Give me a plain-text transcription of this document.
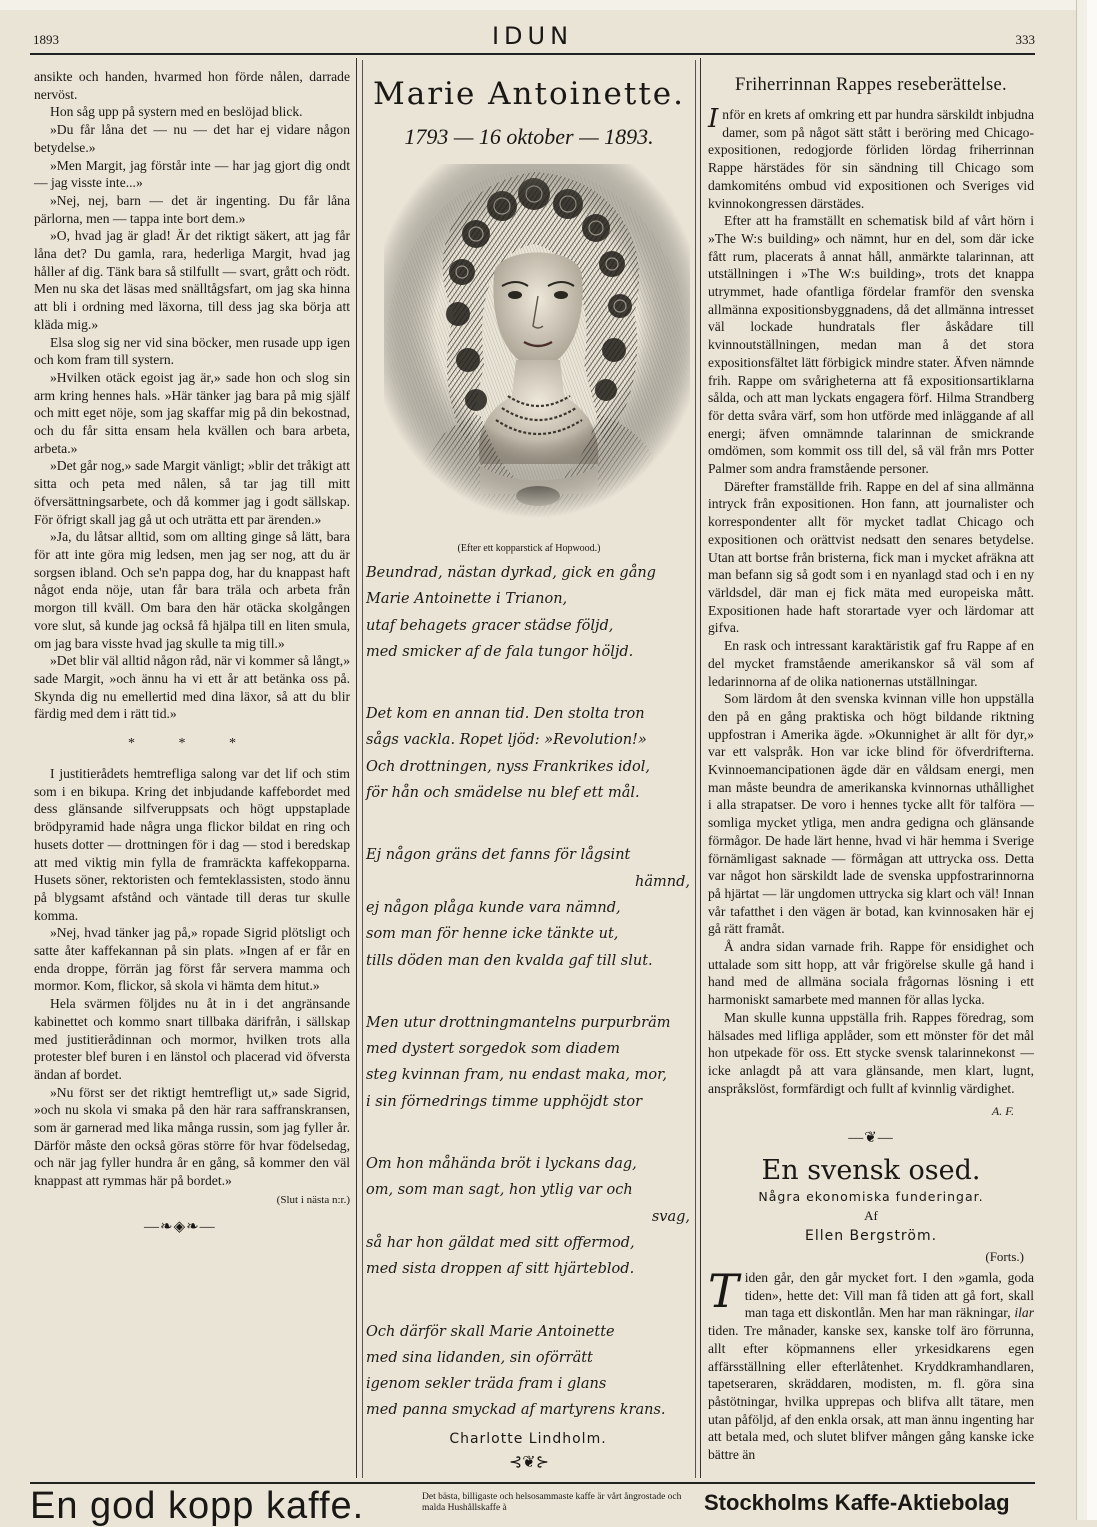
1893	IDUN	333

ansikte och handen, hvarmed hon förde nålen, darrade nervöst.

Hon såg upp på systern med en beslöjad blick.

»Du får låna det — nu — det har ej vidare någon betydelse.»

»Men Margit, jag förstår inte — har jag gjort dig ondt — jag visste inte...»

»Nej, nej, barn — det är ingenting. Du får låna pärlorna, men — tappa inte bort dem.»

»O, hvad jag är glad! Är det riktigt säkert, att jag får låna det? Du gamla, rara, hederliga Margit, hvad jag håller af dig. Tänk bara så stilfullt — svart, grått och rödt. Men nu ska det läsas med snälltågsfart, om jag ska hinna att bli i ordning med läxorna, till dess jag ska börja att kläda mig.»

Elsa slog sig ner vid sina böcker, men rusade upp igen och kom fram till systern.

»Hvilken otäck egoist jag är,» sade hon och slog sin arm kring hennes hals. »Här tänker jag bara på mig själf och mitt eget nöje, som jag skaffar mig på din bekostnad, och du får sitta ensam hela kvällen och bara arbeta, arbeta.»

»Det går nog,» sade Margit vänligt; »blir det tråkigt att sitta och peta med nålen, så tar jag till mitt öfversättningsarbete, och då kommer jag i godt sällskap. För öfrigt skall jag gå ut och uträtta ett par ärenden.»

»Ja, du låtsar alltid, som om allting ginge så lätt, bara för att inte göra mig ledsen, men jag ser nog, att du är sorgsen ibland. Och se'n pappa dog, har du knappast haft något enda nöje, utan får bara träla och arbeta från morgon till kväll. Om bara den här otäcka skolgången vore slut, så kunde jag också få hjälpa till en liten smula, om jag bara visste hvad jag skulle ta mig till.»

»Det blir väl alltid någon råd, när vi kommer så långt,» sade Margit, »och ännu ha vi ett år att betänka oss på. Skynda dig nu emellertid med dina läxor, så att du blir färdig med dem i rätt tid.»

* * *

I justitierådets hemtrefliga salong var det lif och stim som i en bikupa. Kring det inbjudande kaffebordet med dess glänsande silfveruppsats och högt uppstaplade brödpyramid hade några unga flickor bildat en ring och husets dotter — drottningen för i dag — stod i beredskap att med viktig min fylla de framräckta kaffekopparna. Husets söner, rektoristen och femteklassisten, stodo ännu på blygsamt afstånd och väntade till deras tur skulle komma.

»Nej, hvad tänker jag på,» ropade Sigrid plötsligt och satte åter kaffekannan på sin plats. »Ingen af er får en enda droppe, förrän jag först får servera mamma och mormor. Kom, flickor, så skola vi hämta dem hitut.»

Hela svärmen följdes nu åt in i det angränsande kabinettet och kommo snart tillbaka därifrån, i sällskap med justitierådinnan och mormor, hvilken trots alla protester blef buren i en länstol och placerad vid öfversta ändan af bordet.

»Nu först ser det riktigt hemtrefligt ut,» sade Sigrid, »och nu skola vi smaka på den här rara saffranskransen, som är garnerad med lika många russin, som jag fyller år. Därför måste den också göras större för hvar födelsedag, och när jag fyller hundra år en gång, så kommer den väl knappast att rymmas här på bordet.»

(Slut i nästa n:r.)
—❧◈❧—
Marie Antoinette.
1793 — 16 oktober — 1893.
(Efter ett kopparstick af Hopwood.)
Beundrad, nästan dyrkad, gick en gång
Marie Antoinette i Trianon,
utaf behagets gracer städse följd,
med smicker af de fala tungor höljd.
Det kom en annan tid. Den stolta tron
sågs vackla. Ropet ljöd: »Revolution!»
Och drottningen, nyss Frankrikes idol,
för hån och smädelse nu blef ett mål.
Ej någon gräns det fanns för lågsint
hämnd,
ej någon plåga kunde vara nämnd,
som man för henne icke tänkte ut,
tills döden man den kvalda gaf till slut.
Men utur drottningmantelns purpurbräm
med dystert sorgedok som diadem
steg kvinnan fram, nu endast maka, mor,
i sin förnedrings timme upphöjdt stor
Om hon måhända bröt i lyckans dag,
om, som man sagt, hon ytlig var och
svag,
så har hon gäldat med sitt offermod,
med sista droppen af sitt hjärteblod.
Och därför skall Marie Antoinette
med sina lidanden, sin oförrätt
igenom sekler träda fram i glans
med panna smyckad af martyrens krans.
Charlotte Lindholm.
⊰❦⊱
Friherrinnan Rappes reseberättelse.

Inför en krets af omkring ett par hundra särskildt inbjudna damer, som på något sätt stått i beröring med Chicago-expositionen, redogjorde förliden lördag friherrinnan Rappe härstädes för sin sändning till Chicago som damkomiténs ombud vid expositionen och Sveriges vid kvinnokongressen därstädes.

Efter att ha framställt en schematisk bild af vårt hörn i »The W:s building» och nämnt, hur en del, som där icke fått rum, placerats å annat håll, anmärkte talarinnan, att utställningen i »The W:s building», trots det knappa utrymmet, hade ofantliga fördelar framför den svenska allmänna expositionsbyggnadens, då det allmänna intresset väl lockade hundratals fler åskådare till kvinnoutställningen, medan man å det stora expositionsfältet lätt förbigick mindre stater. Äfven nämnde frih. Rappe om svårigheterna att få expositionsartiklarna sålda, och att man lyckats engagera förf. Hilma Strandberg för detta svåra värf, som hon utförde med inläggande af all energi; äfven omnämnde talarinnan de smickrande omdömen, som kommit oss till del, så väl från mrs Potter Palmer som andra framstående personer.

Därefter framställde frih. Rappe en del af sina allmänna intryck från expositionen. Hon fann, att journalister och korrespondenter allt för mycket tadlat Chicago och expositionen och orättvist nedsatt den senares betydelse. Utan att bortse från bristerna, fick man i mycket afräkna att man befann sig så godt som i en nyanlagd stad och i en ny världsdel, där man ej fick mäta med europeiska mått. Expositionen hade haft storartade vyer och lärdomar att gifva.

En rask och intressant karaktäristik gaf fru Rappe af en del mycket framstående amerikanskor så väl som af ledarinnorna af de olika nationernas utställningar.

Som lärdom åt den svenska kvinnan ville hon uppställa den på en gång praktiska och högt bildande riktning uppfostran i Amerika ägde. »Okunnighet är allt för dyr,» var ett valspråk. Hon var icke blind för öfverdrifterna. Kvinnoemancipationen ägde där en våldsam energi, men man måste beundra de amerikanska kvinnornas uthållighet i alla strapatser. De voro i hennes tycke allt för talföra — somliga mycket ytliga, men andra gedigna och glänsande förmågor. De hade lärt henne, hvad vi här hemma i Sverige förnämligast saknade — förmågan att uttrycka oss. Detta var något hon särskildt lade de svenska uppfostrarinnorna på hjärtat — lär ungdomen uttrycka sig klart och väl! Innan vår tafatthet i den vägen är botad, kan kvinnosaken här ej gå rätt framåt.

Å andra sidan varnade frih. Rappe för ensidighet och uttalade som sitt hopp, att vår frigörelse skulle gå hand i hand med de allmäna sociala frågornas lösning i ett harmoniskt samarbete med mannen för allas lycka.

Man skulle kunna uppställa frih. Rappes föredrag, som hälsades med lifliga applåder, som ett mönster för det mål hon utpekade för oss. Ett stycke svensk talarinnekonst — icke anlagdt på att vara glänsande, men klart, lugnt, anspråkslöst, formfärdigt och fullt af kvinnlig värdighet.

A. F.
—❦—
En svensk osed.
Några ekonomiska funderingar.
Af
Ellen Bergström.
(Forts.)

Tiden går, den går mycket fort. I den »gamla, goda tiden», hette det: Vill man få tiden att gå fort, skall man taga ett diskontlån. Men har man räkningar, ilar tiden. Tre månader, kanske sex, kanske tolf äro förrunna, allt efter köpmannens eller yrkesidkarens egen affärsställning eller efterlåtenhet. Kryddkramhandlaren, tapetseraren, skräddaren, modisten, m. fl. göra sina påstötningar, hvilka upprepas och blifva allt tätare, men utan påföljd, af den enkla orsak, att man ännu ingenting har att betala med, och slutet blifver mången gång kanske icke bättre än

En god kopp kaffe.	Det bästa, billigaste och helsosammaste kaffe är vårt ångrostade och malda Hushållskaffe à	Stockholms Kaffe-Aktiebolag
